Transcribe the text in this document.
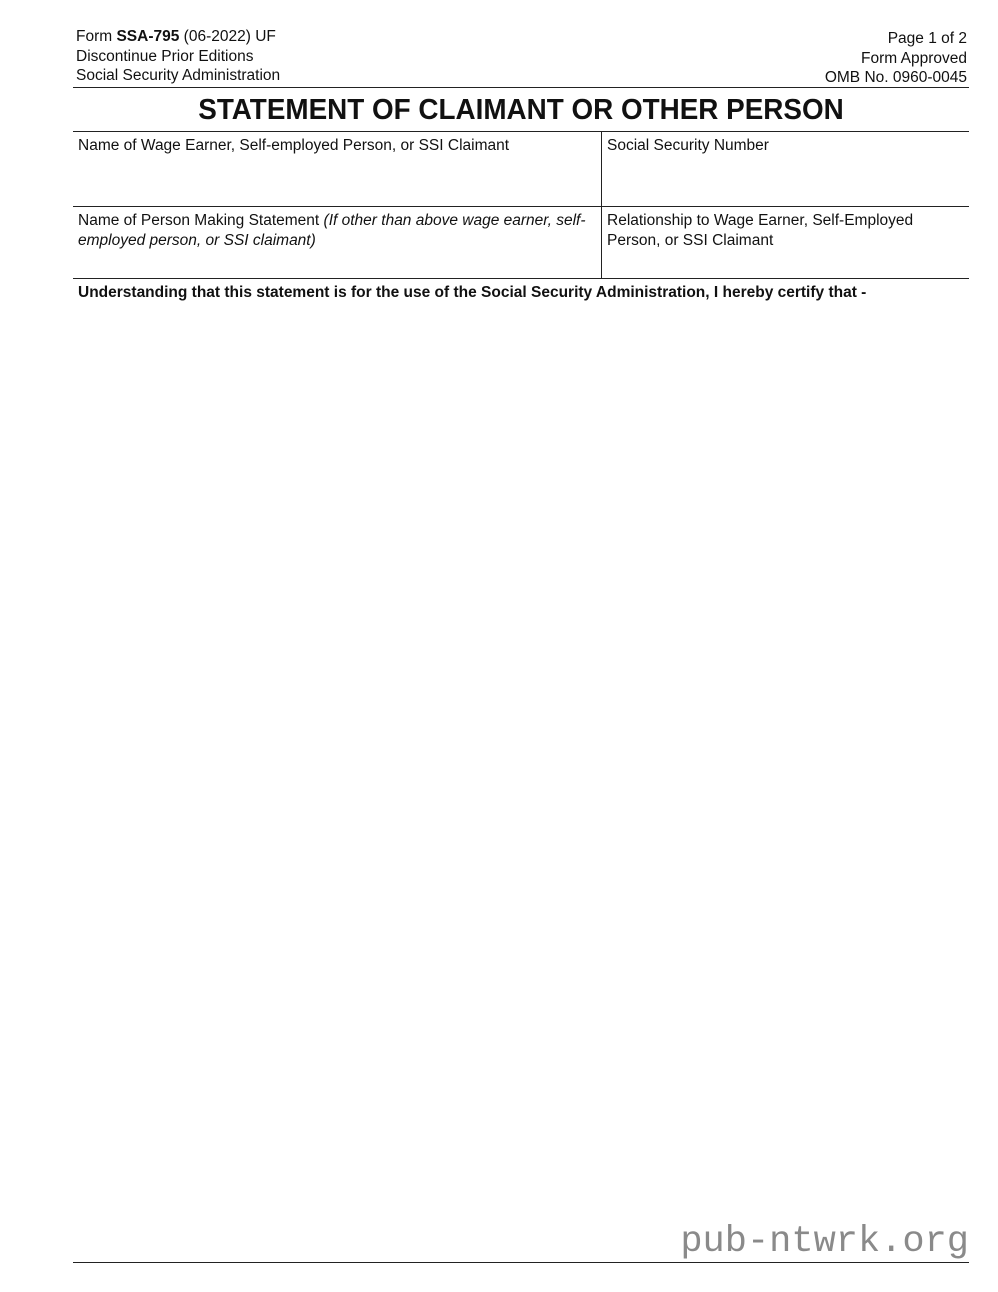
Form SSA-795 (06-2022) UF
Discontinue Prior Editions
Social Security Administration
Page 1 of 2
Form Approved
OMB No. 0960-0045
STATEMENT OF CLAIMANT OR OTHER PERSON
Name of Wage Earner, Self-employed Person, or SSI Claimant	Social Security Number
Name of Person Making Statement (If other than above wage earner, self-employed person, or SSI claimant)
Relationship to Wage Earner, Self-Employed Person, or SSI Claimant
Understanding that this statement is for the use of the Social Security Administration, I hereby certify that -
pub-ntwrk.org
